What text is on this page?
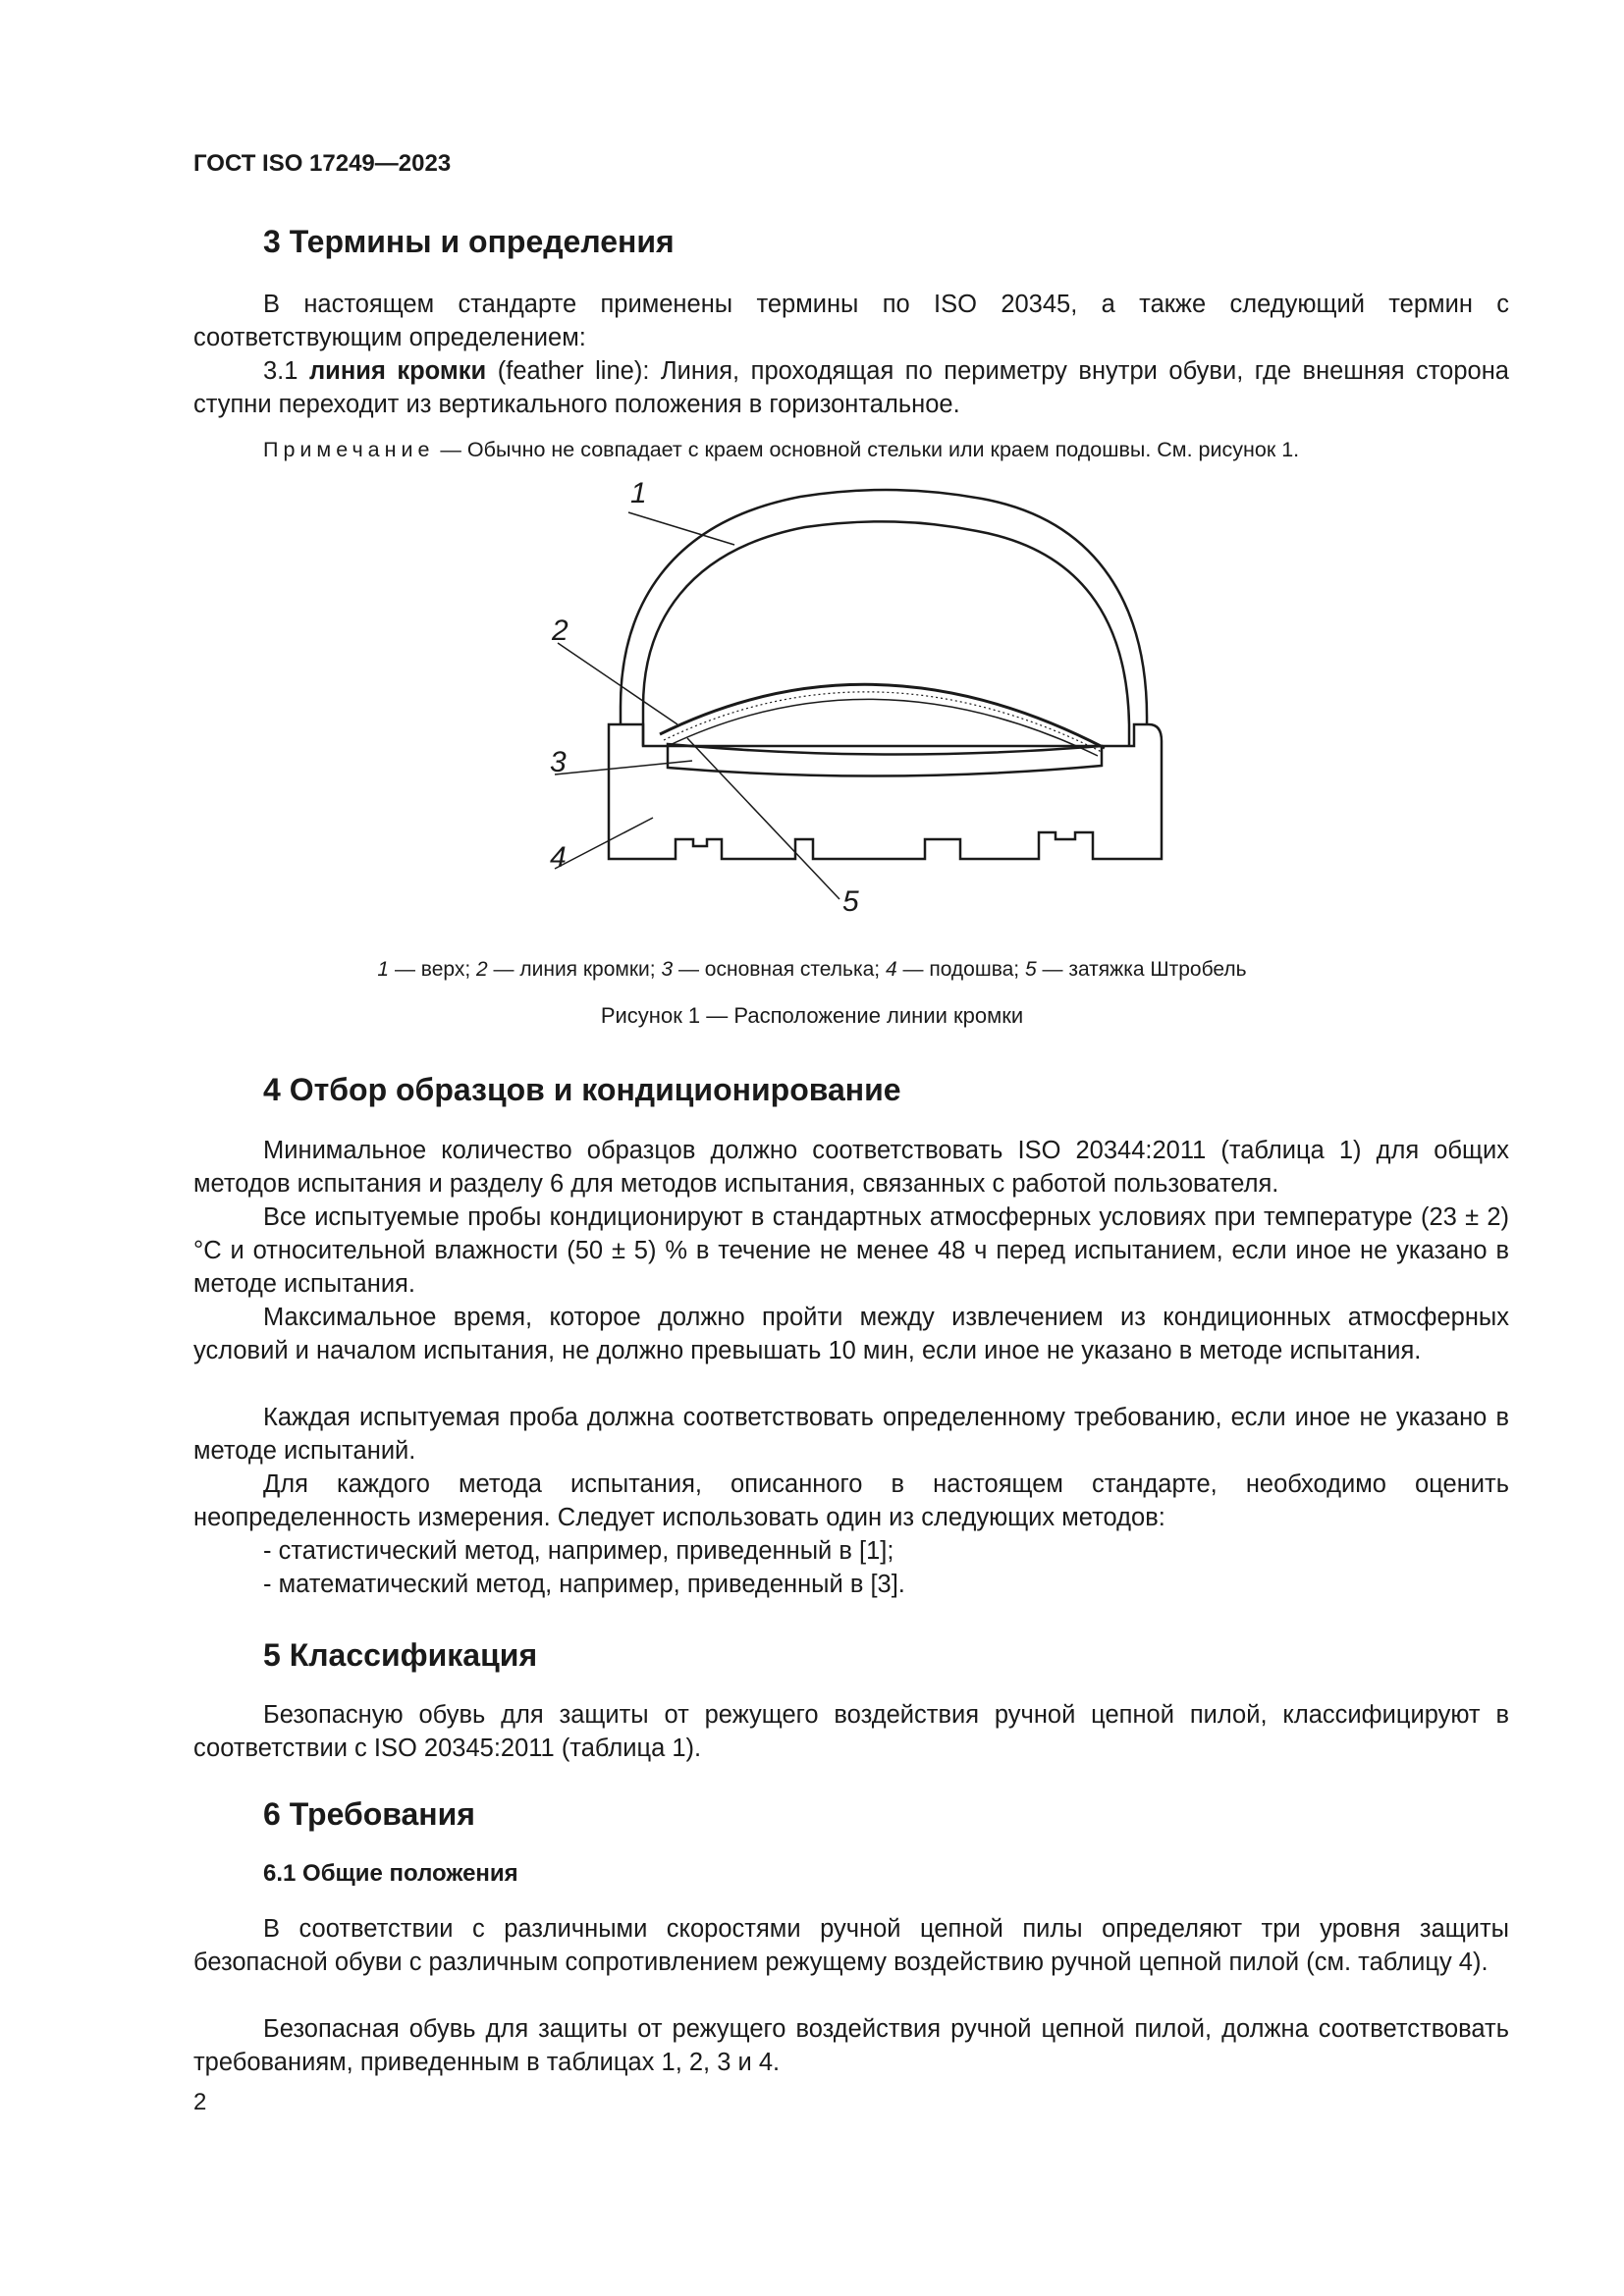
ГОСТ ISO 17249—2023
3 Термины и определения
В настоящем стандарте применены термины по ISO 20345, а также следующий термин с соответствующим определением:
3.1 линия кромки (feather line): Линия, проходящая по периметру внутри обуви, где внешняя сторона ступни переходит из вертикального положения в горизонтальное.
Примечание — Обычно не совпадает с краем основной стельки или краем подошвы. См. рисунок 1.
1
2
3
4
5
1 — верх; 2 — линия кромки; 3 — основная стелька; 4 — подошва; 5 — затяжка Штробель
Рисунок 1 — Расположение линии кромки
4 Отбор образцов и кондиционирование
Минимальное количество образцов должно соответствовать ISO 20344:2011 (таблица 1) для общих методов испытания и разделу 6 для методов испытания, связанных с работой пользователя.
Все испытуемые пробы кондиционируют в стандартных атмосферных условиях при температуре (23 ± 2) °С и относительной влажности (50 ± 5) % в течение не менее 48 ч перед испытанием, если иное не указано в методе испытания.
Максимальное время, которое должно пройти между извлечением из кондиционных атмосферных условий и началом испытания, не должно превышать 10 мин, если иное не указано в методе испытания.
Каждая испытуемая проба должна соответствовать определенному требованию, если иное не указано в методе испытаний.
Для каждого метода испытания, описанного в настоящем стандарте, необходимо оценить неопределенность измерения. Следует использовать один из следующих методов:
- статистический метод, например, приведенный в [1];
- математический метод, например, приведенный в [3].
5 Классификация
Безопасную обувь для защиты от режущего воздействия ручной цепной пилой, классифицируют в соответствии с ISO 20345:2011 (таблица 1).
6 Требования
6.1 Общие положения
В соответствии с различными скоростями ручной цепной пилы определяют три уровня защиты безопасной обуви с различным сопротивлением режущему воздействию ручной цепной пилой (см. таблицу 4).
Безопасная обувь для защиты от режущего воздействия ручной цепной пилой, должна соответствовать требованиям, приведенным в таблицах 1, 2, 3 и 4.
2
